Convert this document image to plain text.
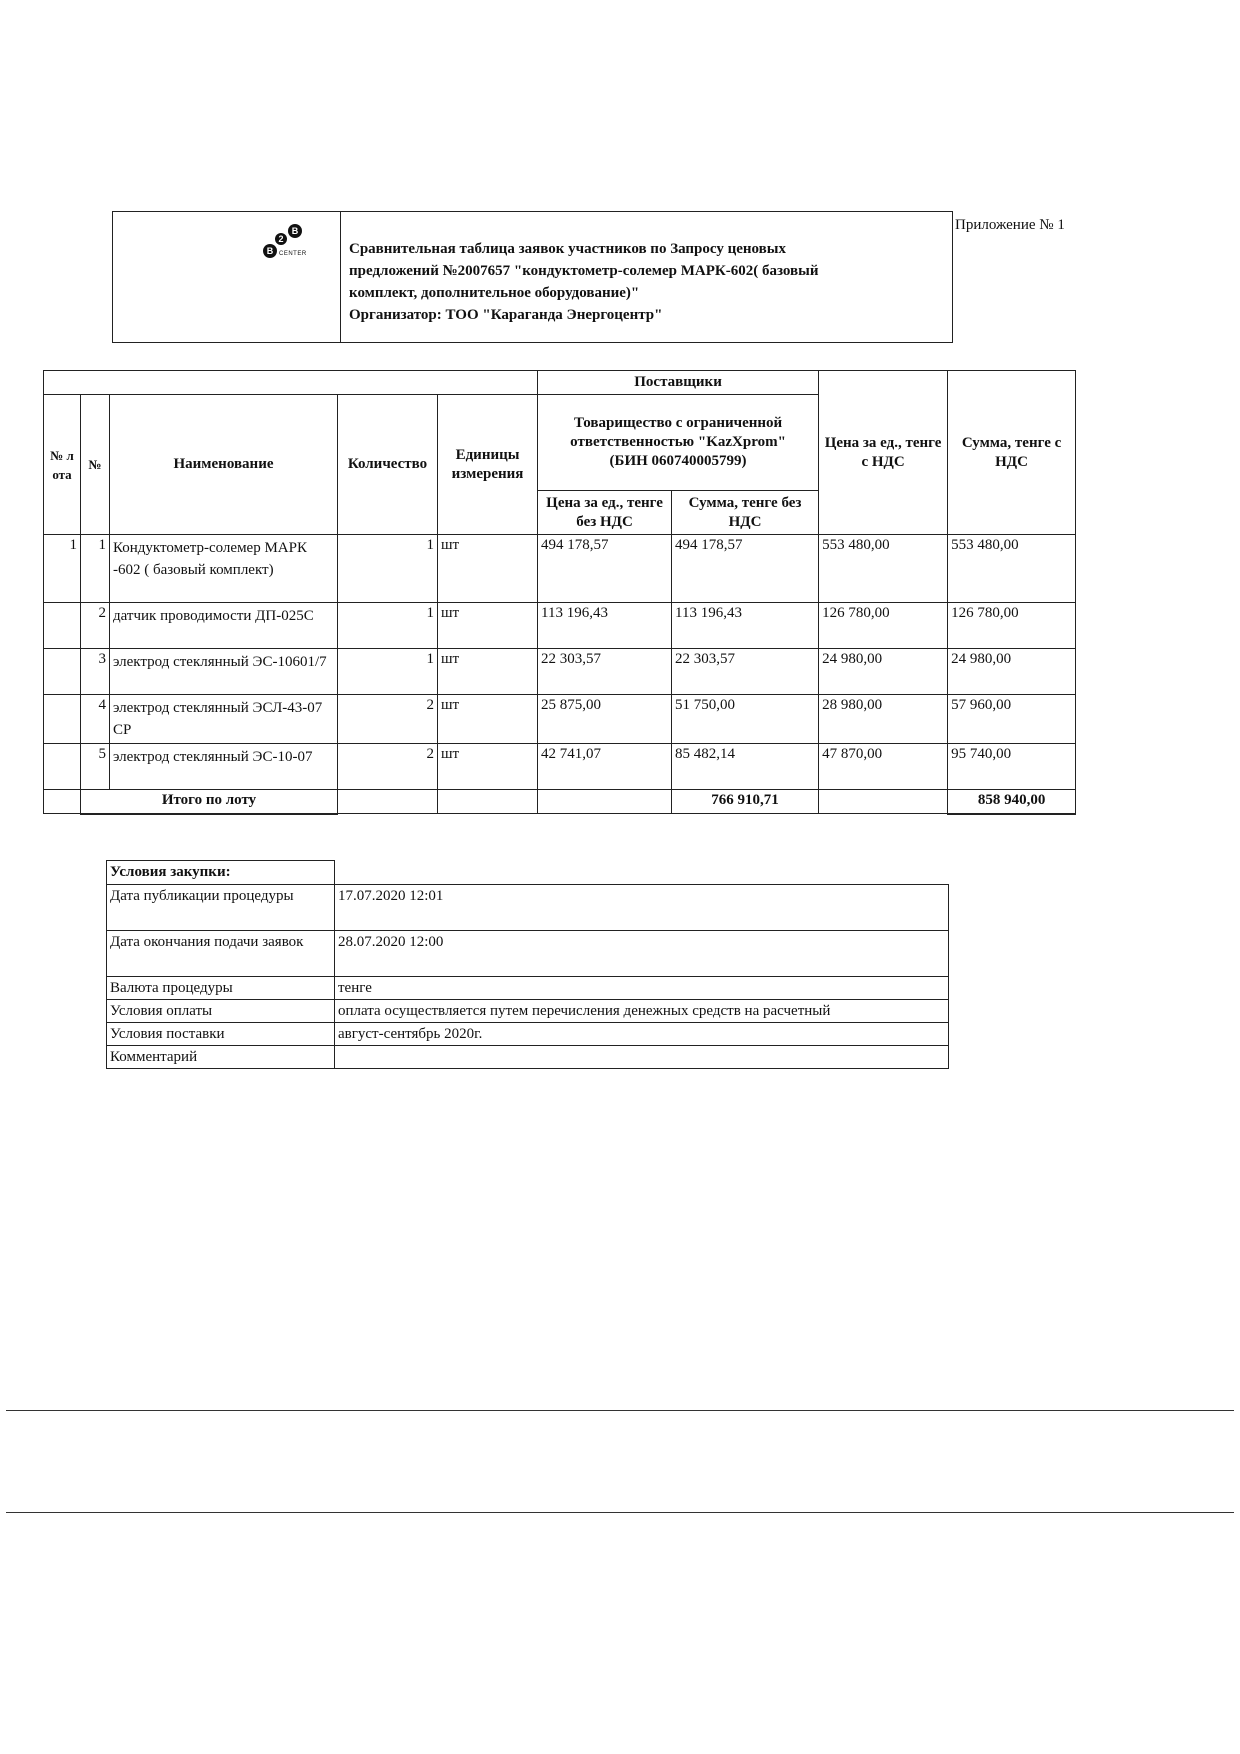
Приложение № 1
B
2
B
CENTER	Сравнительная таблица заявок участников по Запросу ценовых
предложений №2007657 "кондуктометр-солемер МАРК-602( базовый
комплект, дополнительное оборудование)"
Организатор: ТОО "Караганда Энергоцентр"
					Поставщики		Цена за ед., тенге с НДС	Сумма, тенге с НДС
№ лота	№	Наименование	Количество	Единицы измерения	Товарищество с ограниченной ответственностью "KazXprom" (БИН 060740005799)			
					Цена за ед., тенге без НДС	Сумма, тенге без НДС		
1	1	Кондуктометр-солемер МАРК -602 ( базовый комплект)	1	шт	494 178,57	494 178,57	553 480,00	553 480,00
	2	датчик проводимости ДП-025С	1	шт	113 196,43	113 196,43	126 780,00	126 780,00
	3	электрод стеклянный ЭС-10601/7	1	шт	22 303,57	22 303,57	24 980,00	24 980,00
	4	электрод стеклянный ЭСЛ-43-07 СР	2	шт	25 875,00	51 750,00	28 980,00	57 960,00
	5	электрод стеклянный ЭС-10-07	2	шт	42 741,07	85 482,14	47 870,00	95 740,00
	Итого по лоту					766 910,71		858 940,00
Условия закупки:	
Дата публикации процедуры	17.07.2020 12:01
Дата окончания подачи заявок	28.07.2020 12:00
Валюта процедуры	тенге
Условия оплаты	оплата осуществляется путем перечисления денежных средств на расчетный
Условия поставки	август-сентябрь 2020г.
Комментарий	
